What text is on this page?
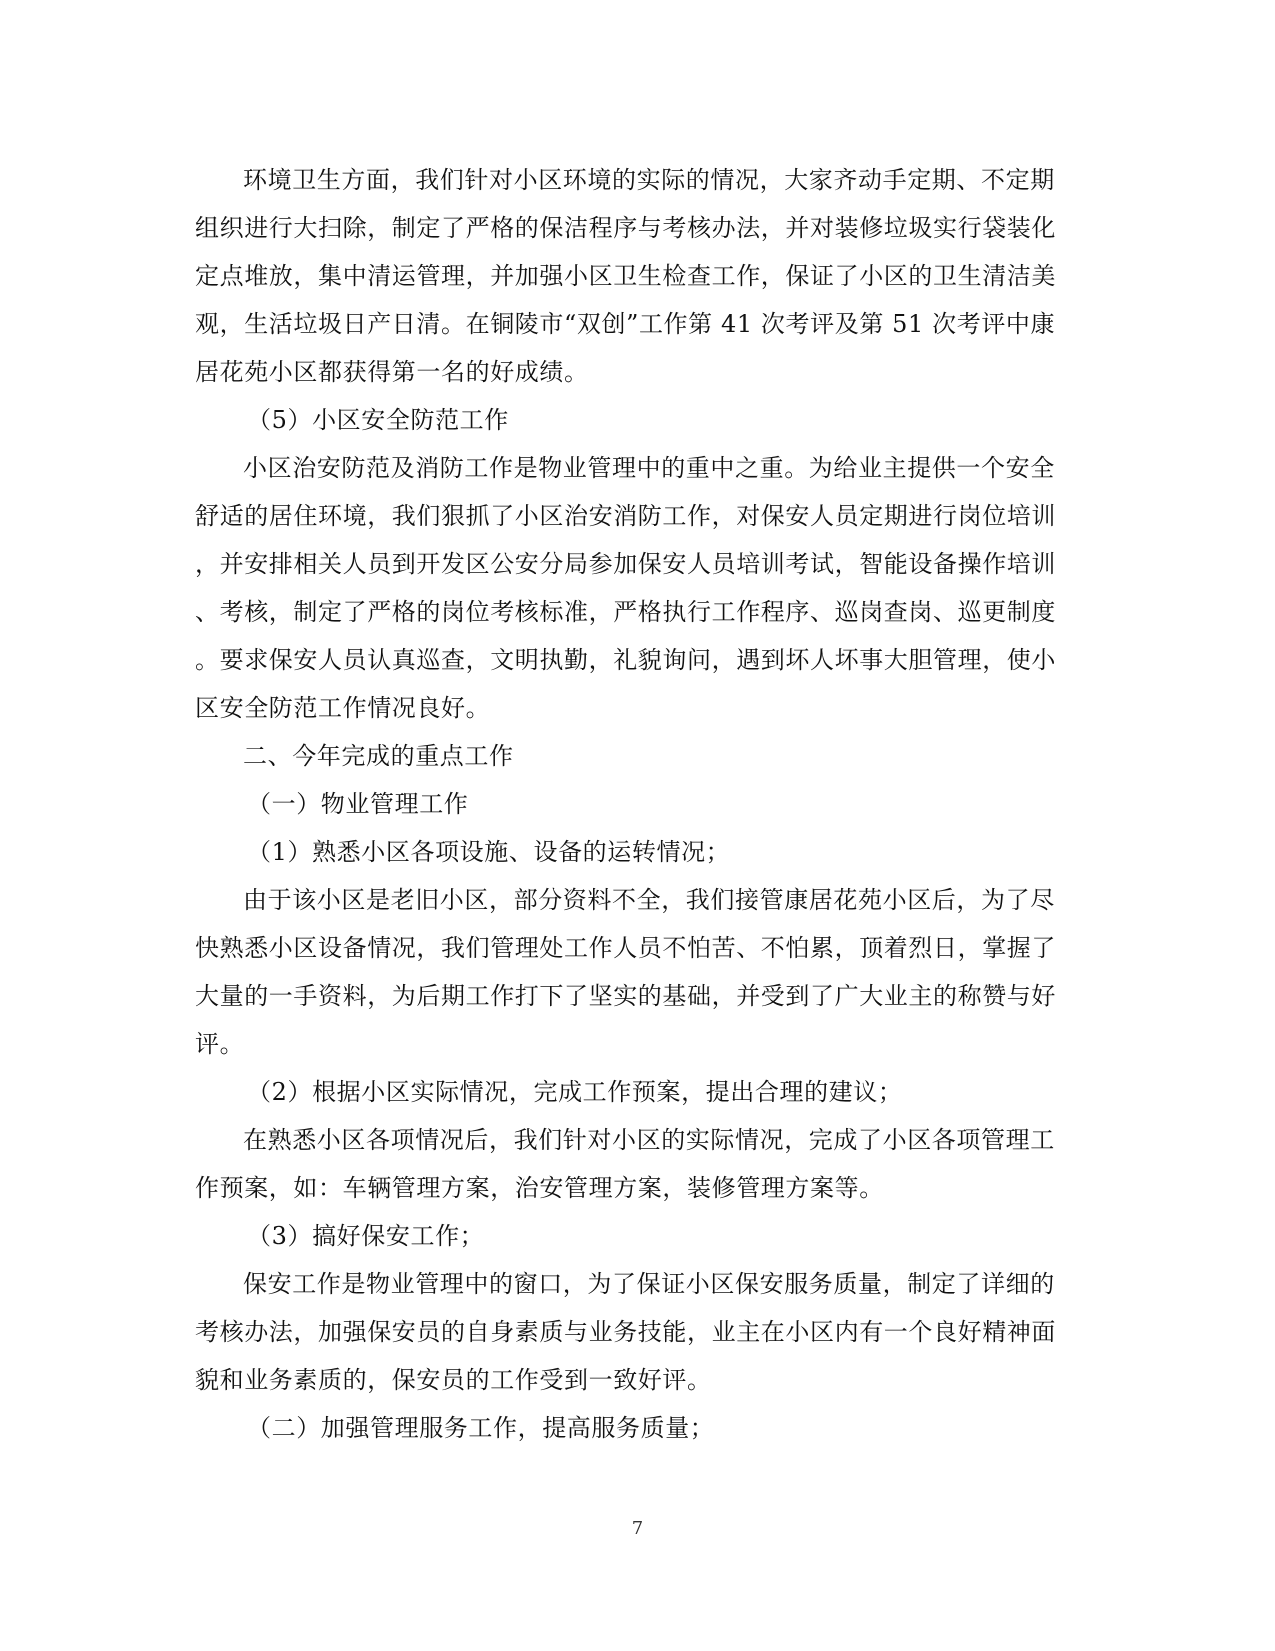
环境卫生方面，我们针对小区环境的实际的情况，大家齐动手定期、不定期
组织进行大扫除，制定了严格的保洁程序与考核办法，并对装修垃圾实行袋装化
定点堆放，集中清运管理，并加强小区卫生检查工作，保证了小区的卫生清洁美
观，生活垃圾日产日清。在铜陵市“双创”工作第 41 次考评及第 51 次考评中康
居花苑小区都获得第一名的好成绩。
（5）小区安全防范工作
小区治安防范及消防工作是物业管理中的重中之重。为给业主提供一个安全
舒适的居住环境，我们狠抓了小区治安消防工作，对保安人员定期进行岗位培训
，并安排相关人员到开发区公安分局参加保安人员培训考试，智能设备操作培训
、考核，制定了严格的岗位考核标准，严格执行工作程序、巡岗查岗、巡更制度
。要求保安人员认真巡查，文明执勤，礼貌询问，遇到坏人坏事大胆管理，使小
区安全防范工作情况良好。
二、今年完成的重点工作
（一）物业管理工作
（1）熟悉小区各项设施、设备的运转情况；
由于该小区是老旧小区，部分资料不全，我们接管康居花苑小区后，为了尽
快熟悉小区设备情况，我们管理处工作人员不怕苦、不怕累，顶着烈日，掌握了
大量的一手资料，为后期工作打下了坚实的基础，并受到了广大业主的称赞与好
评。
（2）根据小区实际情况，完成工作预案，提出合理的建议；
在熟悉小区各项情况后，我们针对小区的实际情况，完成了小区各项管理工
作预案，如：车辆管理方案，治安管理方案，装修管理方案等。
（3）搞好保安工作；
保安工作是物业管理中的窗口，为了保证小区保安服务质量，制定了详细的
考核办法，加强保安员的自身素质与业务技能，业主在小区内有一个良好精神面
貌和业务素质的，保安员的工作受到一致好评。
（二）加强管理服务工作，提高服务质量；
7
